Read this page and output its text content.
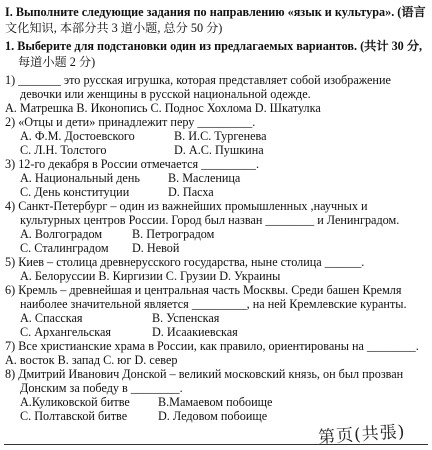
I. Выполните следующие задания по направлению «язык и культура». (语言
文化知识, 本部分共 3 道小题, 总分 50 分)
1. Выберите для подстановки один из предлагаемых вариантов. (共计 30 分,
每道小题 2 分)
1) _______ это русская игрушка, которая представляет собой изображение
девочки или женщины в русской национальной одежде.
A. Матрешка B. Иконопись C. Поднос Хохлома D. Шкатулка
2) «Отцы и дети» принадлежит перу _________.
A. Ф.М. Достоевского	B. И.С. Тургенева
C. Л.Н. Толстого	D. А.С. Пушкина
3) 12-го декабря в России отмечается _________.
A. Национальный день B. Масленица
C. День конституции	D. Пасха
4) Санкт-Петербург – один из важнейших промышленных ,научных и
культурных центров России. Город был назван ________ и Ленинградом.
A. Волгоградом B. Петроградом
C. Сталинградом D. Невой
5) Киев – столица древнерусского государства, ныне столица ______.
A. Белоруссии B. Киргизии C. Грузии D. Украины
6) Кремль – древнейшая и центральная часть Москвы. Среди башен Кремля
наиболее значительной является _________, на ней Кремлевские куранты.
A. Спасская	B. Успенская
C. Архангельская	D. Исаакиевская
7) Все христианские храма в России, как правило, ориентированы на ________.
A. восток B. запад C. юг D. север
8) Дмитрий Иванович Донской – великий московский князь, он был прозван
Донским за победу в ________.
A.Куликовской битве B.Мамаевом побоище
C. Полтавской битве	D. Ледовом побоище
第页(共張)
